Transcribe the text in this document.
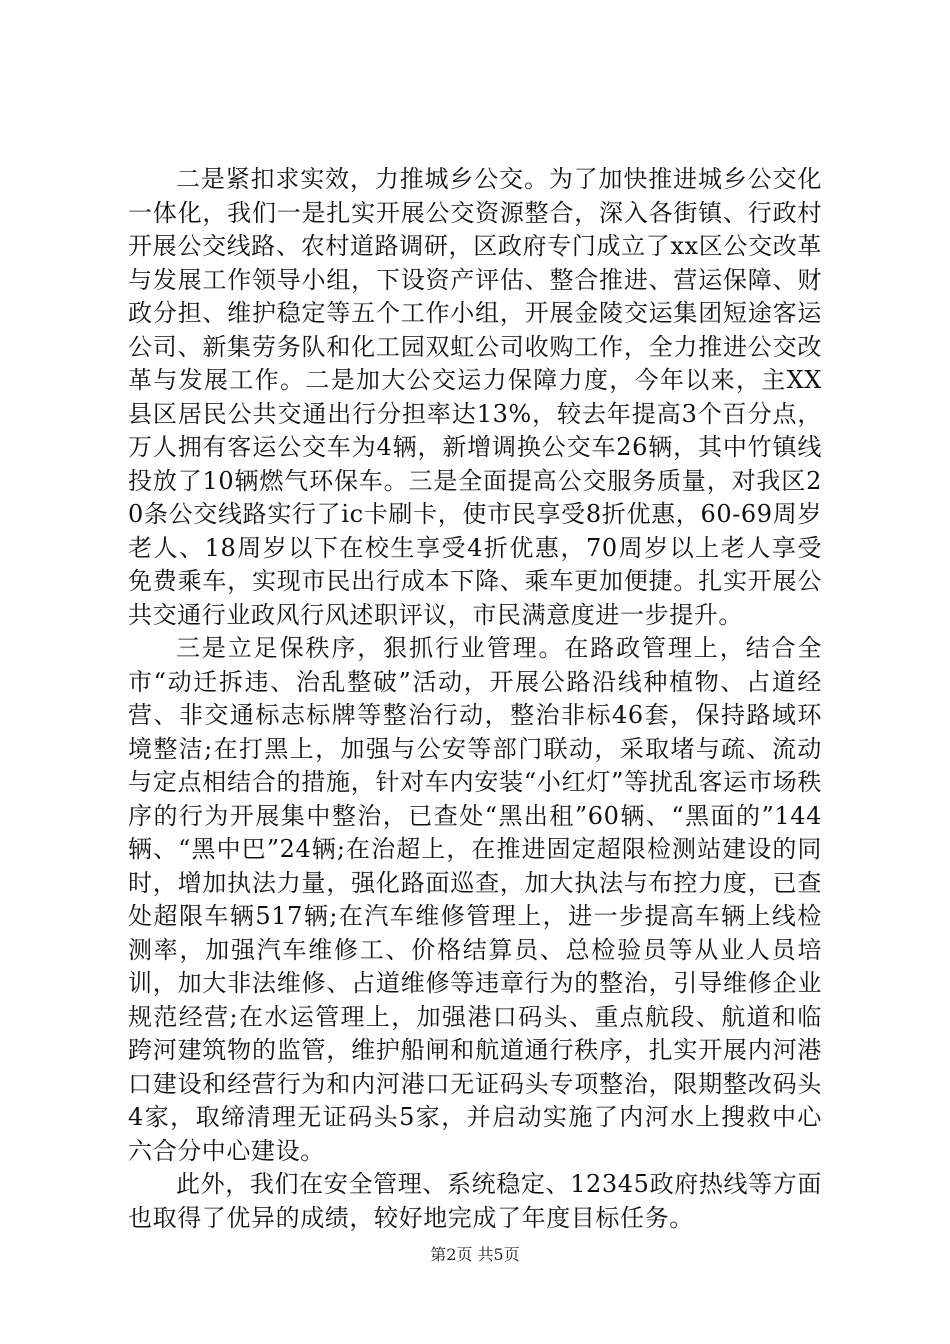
二是紧扣求实效，力推城乡公交。为了加快推进城乡公交化一体化，我们一是扎实开展公交资源整合，深入各街镇、行政村开展公交线路、农村道路调研，区政府专门成立了xx区公交改革与发展工作领导小组，下设资产评估、整合推进、营运保障、财政分担、维护稳定等五个工作小组，开展金陵交运集团短途客运公司、新集劳务队和化工园双虹公司收购工作，全力推进公交改革与发展工作。二是加大公交运力保障力度，今年以来，主XX县区居民公共交通出行分担率达13%，较去年提高3个百分点，万人拥有客运公交车为4辆，新增调换公交车26辆，其中竹镇线投放了10辆燃气环保车。三是全面提高公交服务质量，对我区20条公交线路实行了ic卡刷卡，使市民享受8折优惠，60-69周岁老人、18周岁以下在校生享受4折优惠，70周岁以上老人享受免费乘车，实现市民出行成本下降、乘车更加便捷。扎实开展公共交通行业政风行风述职评议，市民满意度进一步提升。

三是立足保秩序，狠抓行业管理。在路政管理上，结合全市“动迁拆违、治乱整破”活动，开展公路沿线种植物、占道经营、非交通标志标牌等整治行动，整治非标46套，保持路域环境整洁;在打黑上，加强与公安等部门联动，采取堵与疏、流动与定点相结合的措施，针对车内安装“小红灯”等扰乱客运市场秩序的行为开展集中整治，已查处“黑出租”60辆、“黑面的”144辆、“黑中巴”24辆;在治超上，在推进固定超限检测站建设的同时，增加执法力量，强化路面巡查，加大执法与布控力度，已查处超限车辆517辆;在汽车维修管理上，进一步提高车辆上线检测率，加强汽车维修工、价格结算员、总检验员等从业人员培训，加大非法维修、占道维修等违章行为的整治，引导维修企业规范经营;在水运管理上，加强港口码头、重点航段、航道和临跨河建筑物的监管，维护船闸和航道通行秩序，扎实开展内河港口建设和经营行为和内河港口无证码头专项整治，限期整改码头4家，取缔清理无证码头5家，并启动实施了内河水上搜救中心六合分中心建设。

此外，我们在安全管理、系统稳定、12345政府热线等方面也取得了优异的成绩，较好地完成了年度目标任务。

第2页 共5页
